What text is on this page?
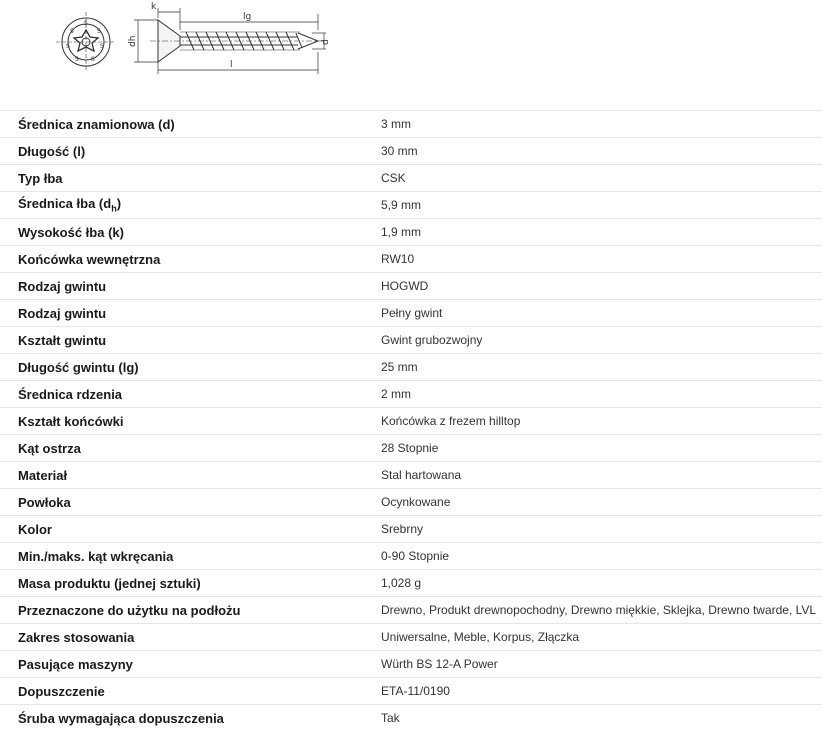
S
S
S
S
S
S
S
k
lg
dh	d
l
Średnica znamionowa (d)	3 mm
Długość (l)	30 mm
Typ łba	CSK
Średnica łba $(d_h)$	5,9 mm
Wysokość łba (k)	1,9 mm
Końcówka wewnętrzna	RW10
Rodzaj gwintu	HOGWD
Rodzaj gwintu	Pełny gwint
Kształt gwintu	Gwint grubozwojny
Długość gwintu (lg)	25 mm
Średnica rdzenia	2 mm
Kształt końcówki	Końcówka z frezem hilltop
Kąt ostrza	28 Stopnie
Materiał	Stal hartowana
Powłoka	Ocynkowane
Kolor	Srebrny
Min./maks. kąt wkręcania	0-90 Stopnie
Masa produktu (jednej sztuki)	1,028 g
Przeznaczone do użytku na podłożu	Drewno, Produkt drewnopochodny, Drewno miękkie, Sklejka, Drewno twarde, LVL
Zakres stosowania	Uniwersalne, Meble, Korpus, Złączka
Pasujące maszyny	Würth BS 12-A Power
Dopuszczenie	ETA-11/0190
Śruba wymagająca dopuszczenia	Tak
